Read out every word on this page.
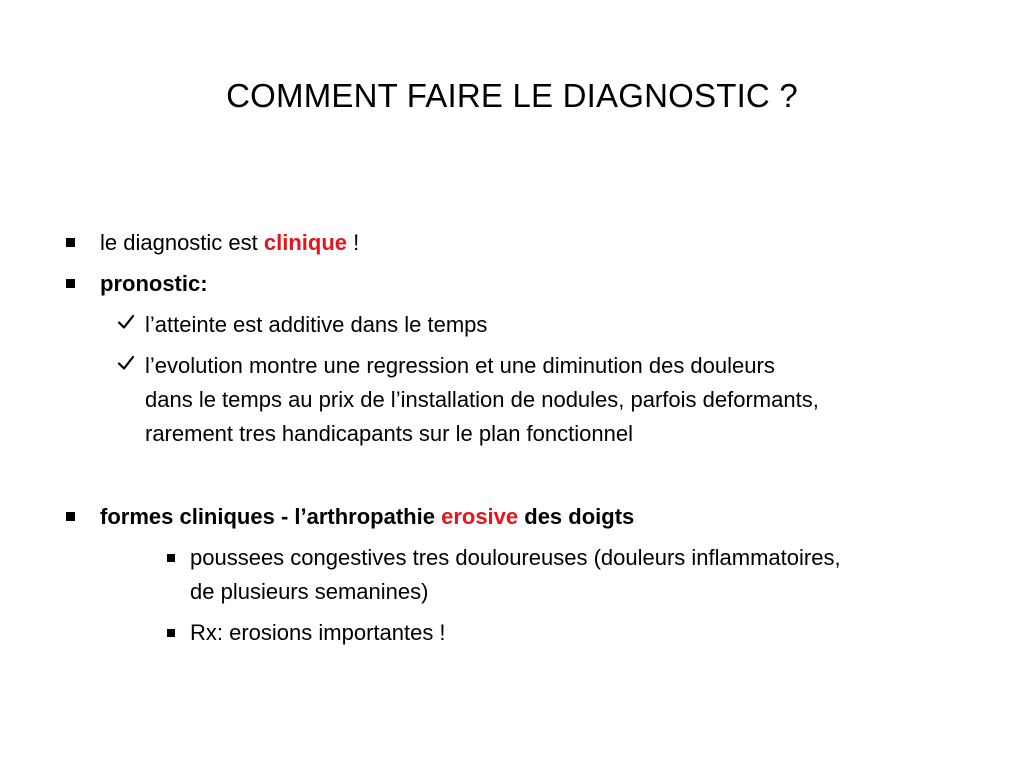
COMMENT FAIRE LE DIAGNOSTIC ?
le diagnostic est clinique !
pronostic:
l’atteinte est additive dans le temps
l’evolution montre une regression et une diminution des douleurs
dans le temps au prix de l’installation de nodules, parfois deformants,
rarement tres handicapants sur le plan fonctionnel
formes cliniques - l’arthropathie erosive des doigts
poussees congestives tres douloureuses (douleurs inflammatoires,
de plusieurs semanines)
Rx: erosions importantes !
